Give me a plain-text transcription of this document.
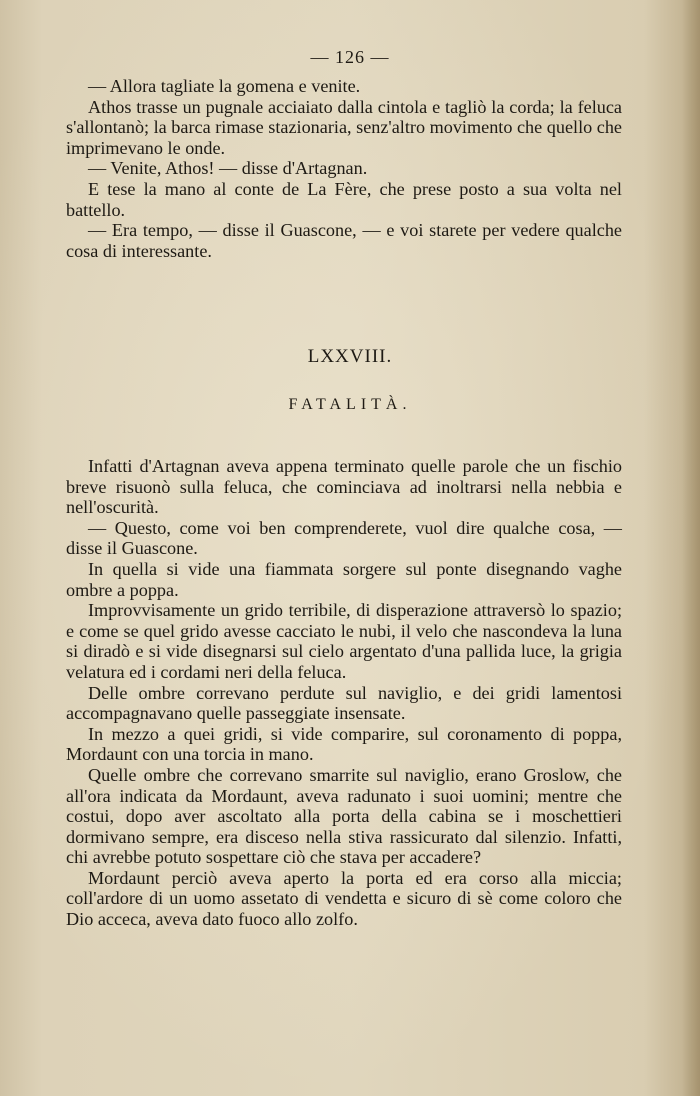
— 126 —

— Allora tagliate la gomena e venite.

Athos trasse un pugnale acciaiato dalla cintola e tagliò la corda; la feluca s'allontanò; la barca rimase stazionaria, senz'altro movimento che quello che imprimevano le onde.

— Venite, Athos! — disse d'Artagnan.

E tese la mano al conte de La Fère, che prese posto a sua volta nel battello.

— Era tempo, — disse il Guascone, — e voi starete per vedere qualche cosa di interessante.

LXXVIII.
FATALITÀ.

Infatti d'Artagnan aveva appena terminato quelle parole che un fischio breve risuonò sulla feluca, che cominciava ad inoltrarsi nella nebbia e nell'oscurità.

— Questo, come voi ben comprenderete, vuol dire qualche cosa, — disse il Guascone.

In quella si vide una fiammata sorgere sul ponte disegnando vaghe ombre a poppa.

Improvvisamente un grido terribile, di disperazione attraversò lo spazio; e come se quel grido avesse cacciato le nubi, il velo che nascondeva la luna si diradò e si vide disegnarsi sul cielo argentato d'una pallida luce, la grigia velatura ed i cordami neri della feluca.

Delle ombre correvano perdute sul naviglio, e dei gridi lamentosi accompagnavano quelle passeggiate insensate.

In mezzo a quei gridi, si vide comparire, sul coronamento di poppa, Mordaunt con una torcia in mano.

Quelle ombre che correvano smarrite sul naviglio, erano Groslow, che all'ora indicata da Mordaunt, aveva radunato i suoi uomini; mentre che costui, dopo aver ascoltato alla porta della cabina se i moschettieri dormivano sempre, era disceso nella stiva rassicurato dal silenzio. Infatti, chi avrebbe potuto sospettare ciò che stava per accadere?

Mordaunt perciò aveva aperto la porta ed era corso alla miccia; coll'ardore di un uomo assetato di vendetta e sicuro di sè come coloro che Dio acceca, aveva dato fuoco allo zolfo.
